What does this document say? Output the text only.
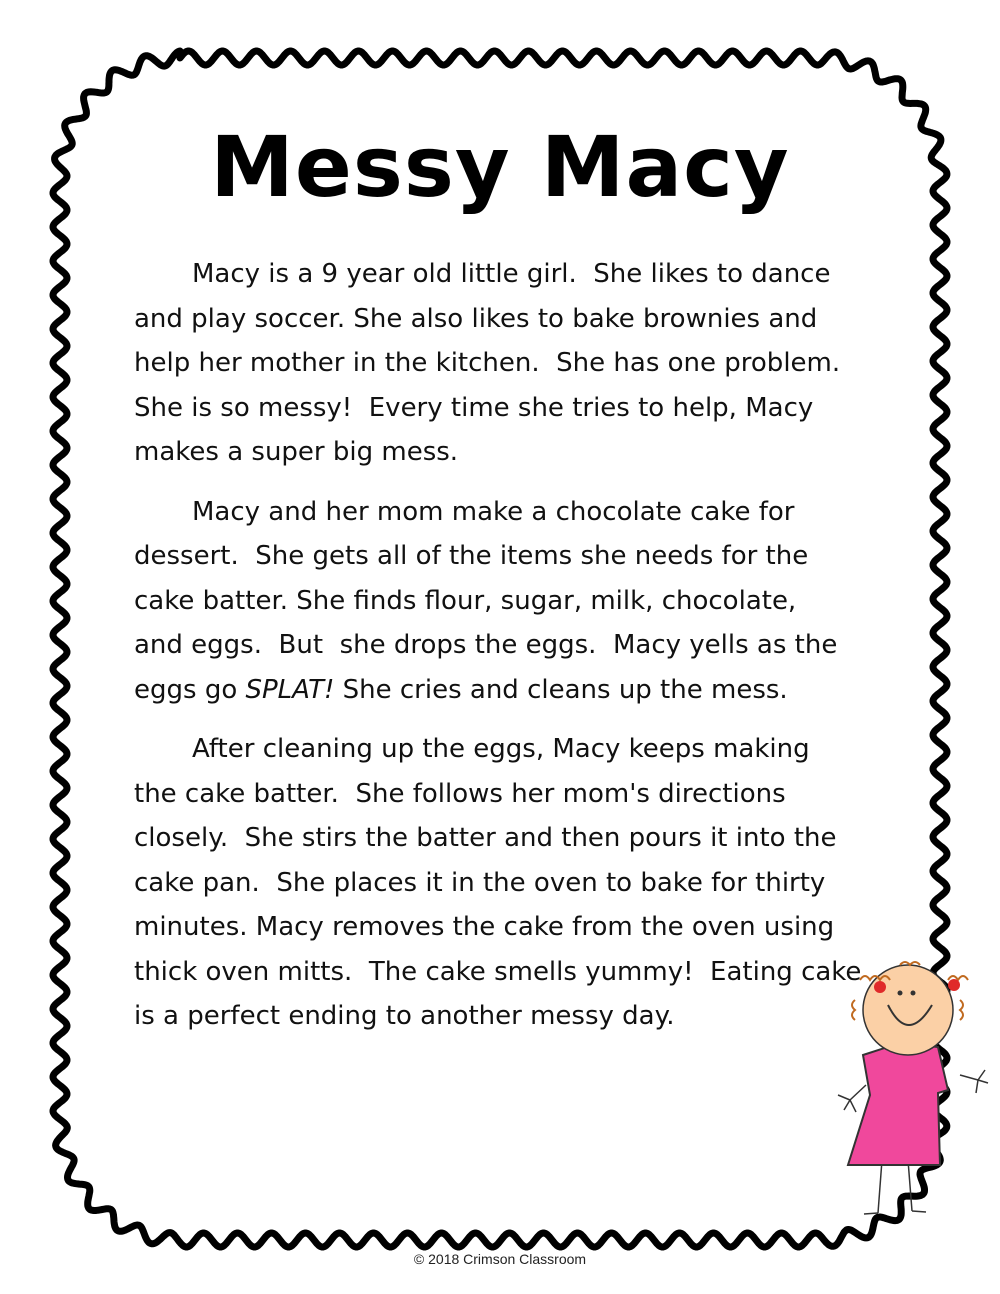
Messy Macy
Macy is a 9 year old little girl.  She likes to dance
and play soccer. She also likes to bake brownies and
help her mother in the kitchen.  She has one problem.
She is so messy!  Every time she tries to help, Macy
makes a super big mess.
Macy and her mom make a chocolate cake for
dessert.  She gets all of the items she needs for the
cake batter. She finds flour, sugar, milk, chocolate,
and eggs.  But  she drops the eggs.  Macy yells as the
eggs go SPLAT! She cries and cleans up the mess.
After cleaning up the eggs, Macy keeps making
the cake batter.  She follows her mom's directions
closely.  She stirs the batter and then pours it into the
cake pan.  She places it in the oven to bake for thirty
minutes. Macy removes the cake from the oven using
thick oven mitts.  The cake smells yummy!  Eating cake
is a perfect ending to another messy day.
© 2018 Crimson Classroom
